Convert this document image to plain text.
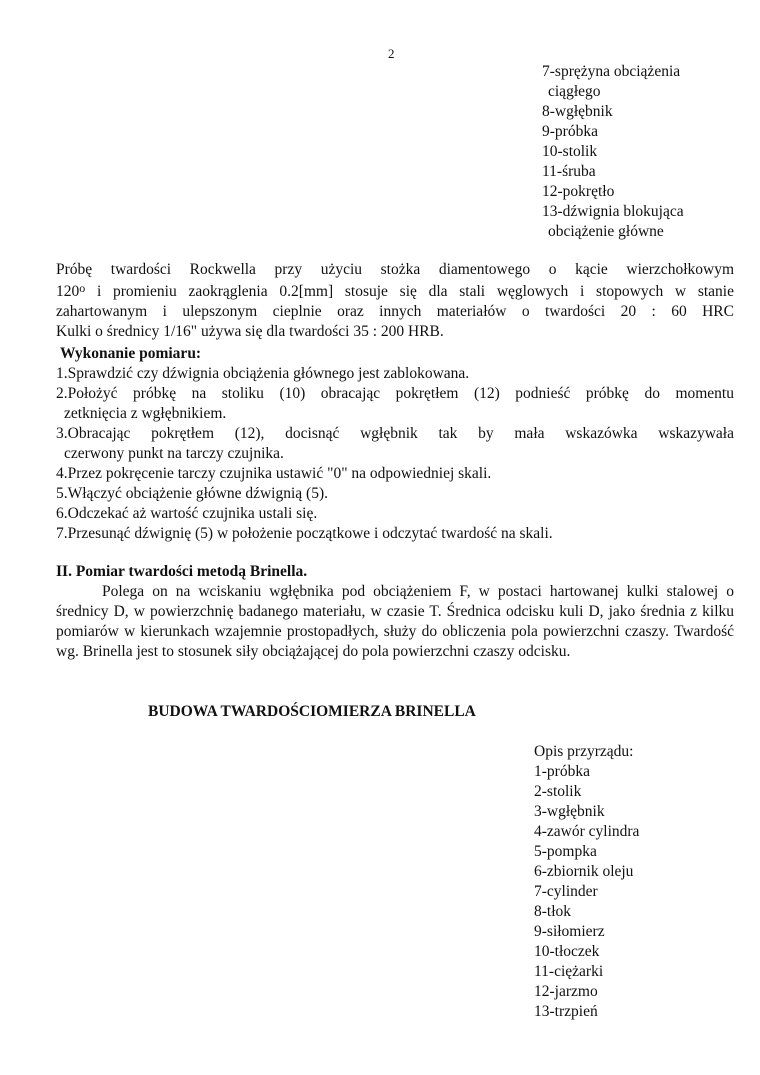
2
7-sprężyna obciążenia
ciągłego
8-wgłębnik
9-próbka
10-stolik
11-śruba
12-pokrętło
13-dźwignia blokująca
obciążenie główne
Próbę twardości Rockwella przy użyciu stożka diamentowego o kącie wierzchołkowym
120$^o$ i promieniu zaokrąglenia 0.2[mm] stosuje się dla stali węglowych i stopowych w stanie
zahartowanym i ulepszonym cieplnie oraz innych materiałów o twardości 20 : 60 HRC
Kulki o średnicy 1/16" używa się dla twardości 35 : 200 HRB.
Wykonanie pomiaru:
1. Sprawdzić czy dźwignia obciążenia głównego jest zablokowana.
2. Położyć próbkę na stoliku (10) obracając pokrętłem (12) podnieść próbkę do momentu
zetknięcia z wgłębnikiem.
3. Obracając pokrętłem (12), docisnąć wgłębnik tak by mała wskazówka wskazywała
czerwony punkt na tarczy czujnika.
4. Przez pokręcenie tarczy czujnika ustawić "0" na odpowiedniej skali.
5. Włączyć obciążenie główne dźwignią (5).
6. Odczekać aż wartość czujnika ustali się.
7. Przesunąć dźwignię (5) w położenie początkowe i odczytać twardość na skali.
II. Pomiar twardości metodą Brinella.

Polega on na wciskaniu wgłębnika pod obciążeniem F, w postaci hartowanej kulki stalowej o średnicy D, w powierzchnię badanego materiału, w czasie T. Średnica odcisku kuli D, jako średnia z kilku pomiarów w kierunkach wzajemnie prostopadłych, służy do obliczenia pola powierzchni czaszy. Twardość wg. Brinella jest to stosunek siły obciążającej do pola powierzchni czaszy odcisku.

BUDOWA TWARDOŚCIOMIERZA BRINELLA
Opis przyrządu:
1-próbka
2-stolik
3-wgłębnik
4-zawór cylindra
5-pompka
6-zbiornik oleju
7-cylinder
8-tłok
9-siłomierz
10-tłoczek
11-ciężarki
12-jarzmo
13-trzpień
